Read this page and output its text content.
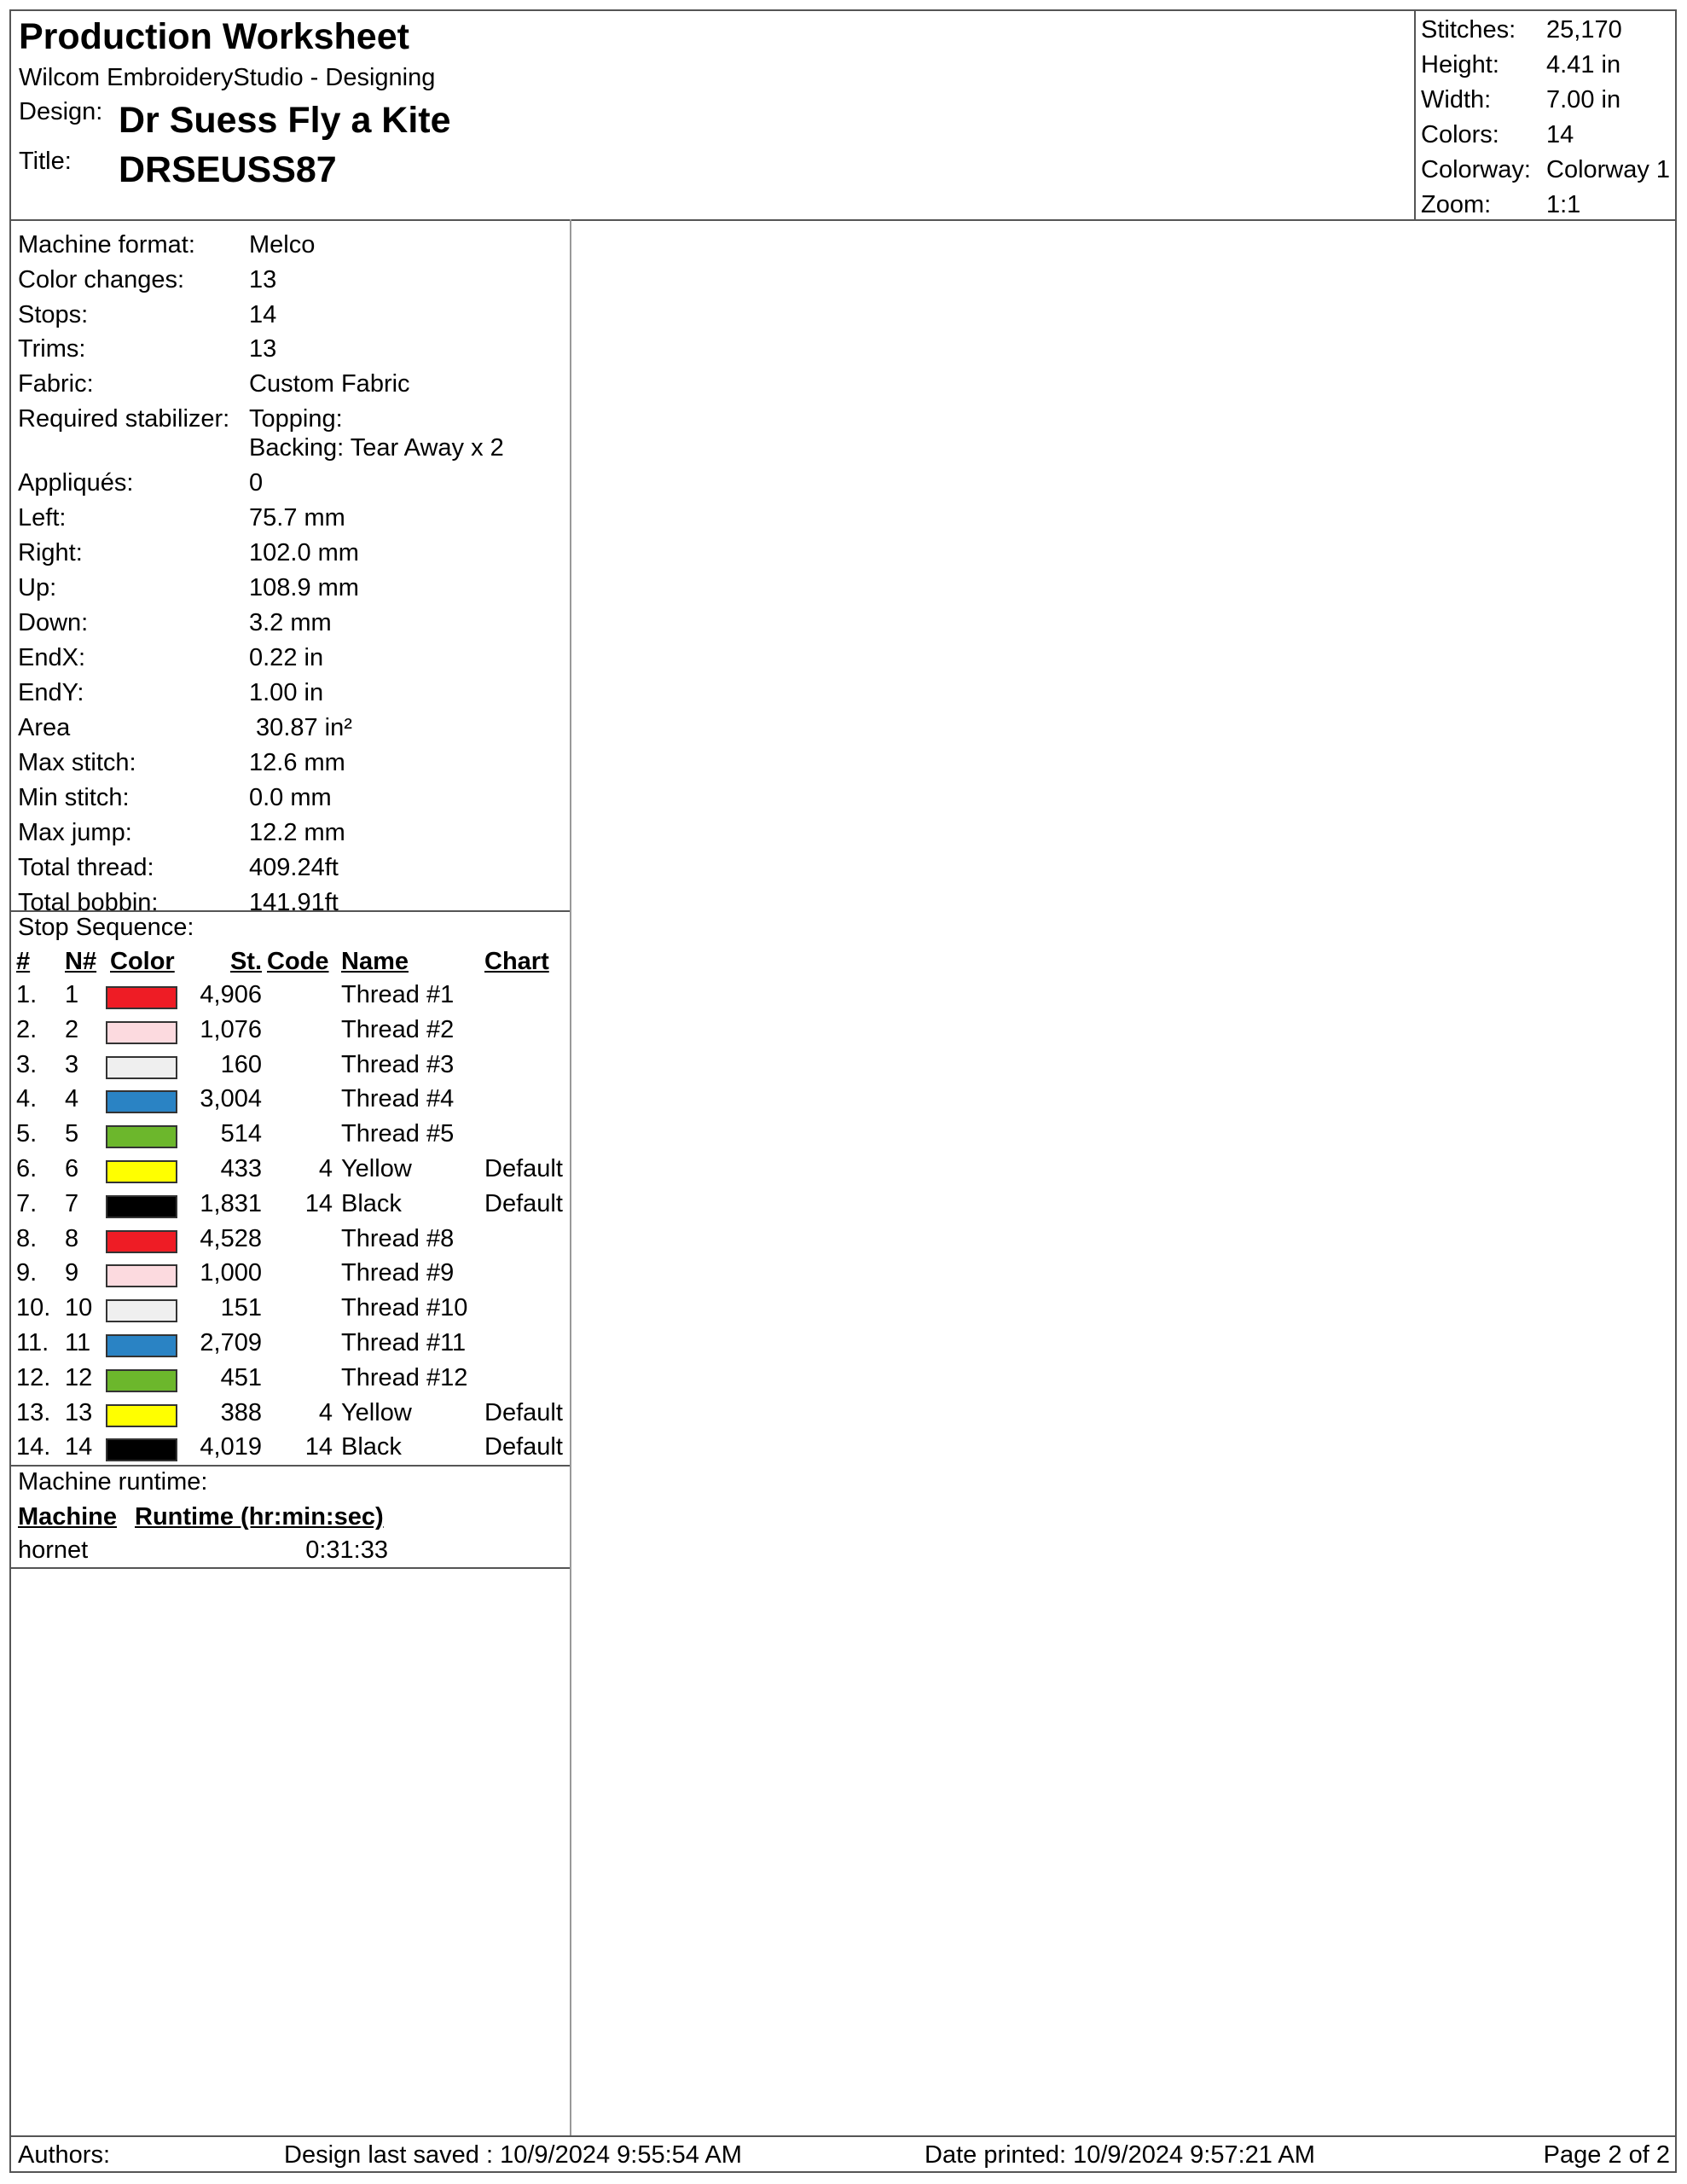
Production Worksheet
Wilcom EmbroideryStudio - Designing
Design: Dr Suess Fly a Kite
Title: DRSEUSS87
Stitches: 25,170
Height: 4.41 in
Width: 7.00 in
Colors: 14
Colorway: Colorway 1
Zoom: 1:1
Machine format: Melco
Color changes:	13
Stops:	14
Trims:	13
Fabric:	Custom Fabric
Required stabilizer: Topping:
Backing: Tear Away x 2
Appliqués:	0
Left:	75.7 mm
Right:	102.0 mm
Up:	108.9 mm
Down:	3.2 mm
EndX:	0.22 in
EndY:	1.00 in
Area	30.87 in²
Max stitch:	12.6 mm
Min stitch:	0.0 mm
Max jump:	12.2 mm
Total thread:	409.24ft
Total bobbin:	141.91ft
Stop Sequence:
# N# Color St. Code Name	Chart
1. 1	4,906	Thread #1
2. 2	1,076	Thread #2
3. 3	160	Thread #3
4. 4	3,004	Thread #4
5. 5	514	Thread #5
6. 6	433 4 Yellow	Default
7. 7	1,831 14 Black	Default
8. 8	4,528	Thread #8
9. 9	1,000	Thread #9
10. 10	151	Thread #10
11. 11	2,709	Thread #11
12. 12	451	Thread #12
13. 13	388 4 Yellow	Default
14. 14	4,019 14 Black	Default
Machine runtime:
Machine Runtime (hr:min:sec)
hornet	0:31:33
Authors:	Design last saved : 10/9/2024 9:55:54 AM	Date printed: 10/9/2024 9:57:21 AM	Page 2 of 2
